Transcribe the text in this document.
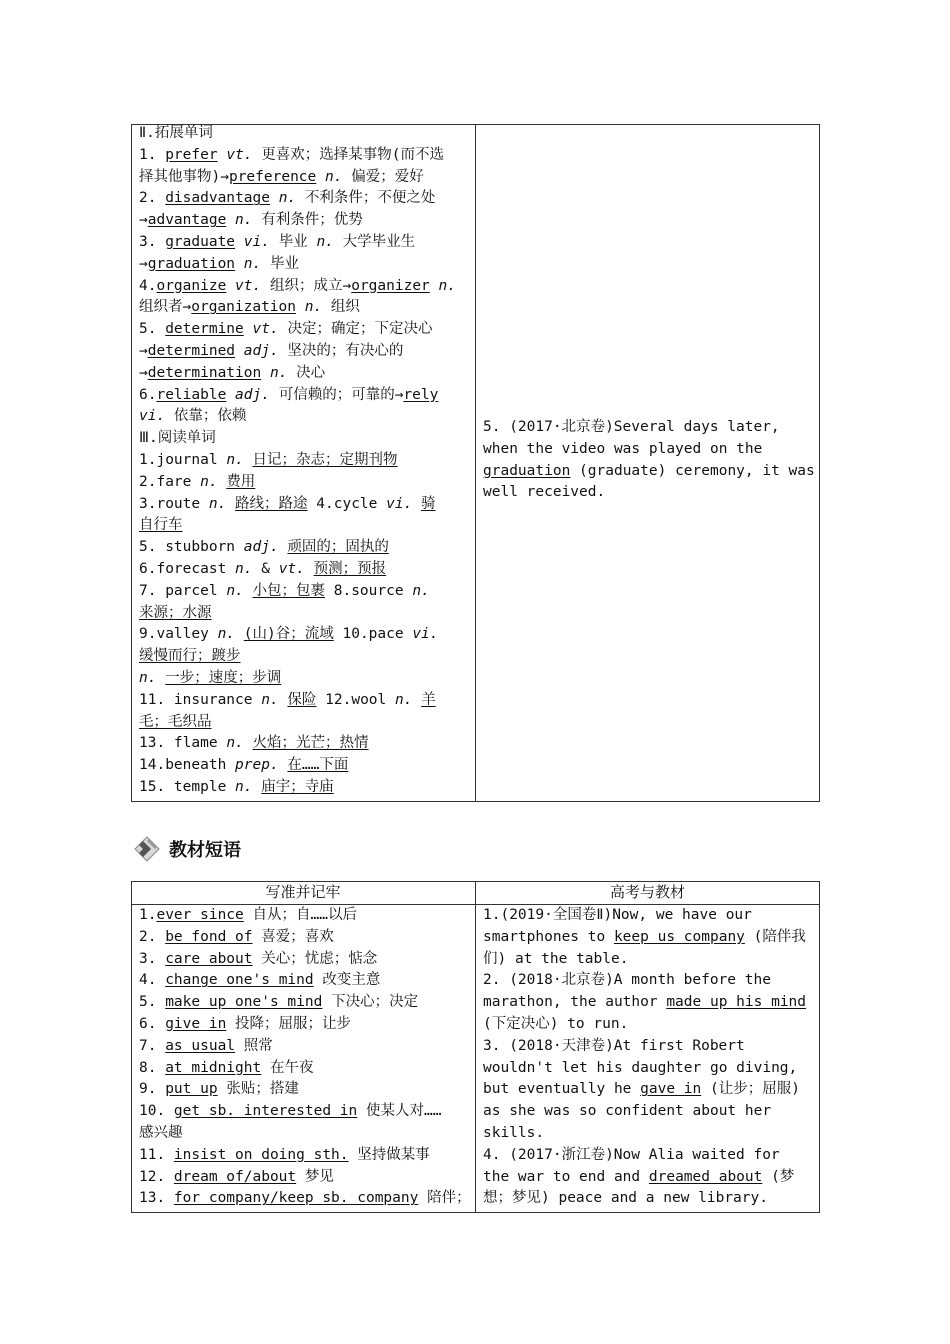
Ⅱ.拓展单词
1. prefer vt. 更喜欢；选择某事物(而不选
择其他事物)→preference n. 偏爱；爱好
2. disadvantage n. 不利条件；不便之处
→advantage n. 有利条件；优势
3. graduate vi. 毕业 n. 大学毕业生
→graduation n. 毕业
4.organize vt. 组织；成立→organizer n.
组织者→organization n. 组织
5. determine vt. 决定；确定；下定决心
→determined adj. 坚决的；有决心的
→determination n. 决心
6.reliable adj. 可信赖的；可靠的→rely
vi. 依靠；依赖
Ⅲ.阅读单词
1.journal n. 日记；杂志；定期刊物
2.fare n. 费用
3.route n. 路线；路途 4.cycle vi. 骑
自行车
5. stubborn adj. 顽固的；固执的
6.forecast n. & vt. 预测；预报
7. parcel n. 小包；包裹 8.source n.
来源；水源
9.valley n. (山)谷；流域 10.pace vi.
缓慢而行；踱步
n. 一步；速度；步调
11. insurance n. 保险 12.wool n. 羊
毛；毛织品
13. flame n. 火焰；光芒；热情
14.beneath prep. 在……下面
15. temple n. 庙宇；寺庙
5. (2017·北京卷)Several days later,
when the video was played on the
graduation (graduate) ceremony, it was
well received.
教材短语
写准并记牢	高考与教材
1.ever since 自从；自……以后
2. be fond of 喜爱；喜欢
3. care about 关心；忧虑；惦念
4. change one's mind 改变主意
5. make up one's mind 下决心；决定
6. give in 投降；屈服；让步
7. as usual 照常
8. at midnight 在午夜
9. put up 张贴；搭建
10. get sb. interested in 使某人对……
感兴趣
11. insist on doing sth. 坚持做某事
12. dream of/about 梦见
13. for company/keep sb. company 陪伴；
1.(2019·全国卷Ⅱ)Now, we have our
smartphones to keep us company (陪伴我
们) at the table.
2. (2018·北京卷)A month before the
marathon, the author made up his mind
(下定决心) to run.
3. (2018·天津卷)At first Robert
wouldn't let his daughter go diving,
but eventually he gave in (让步；屈服)
as she was so confident about her
skills.
4. (2017·浙江卷)Now Alia waited for
the war to end and dreamed about (梦
想；梦见) peace and a new library.
